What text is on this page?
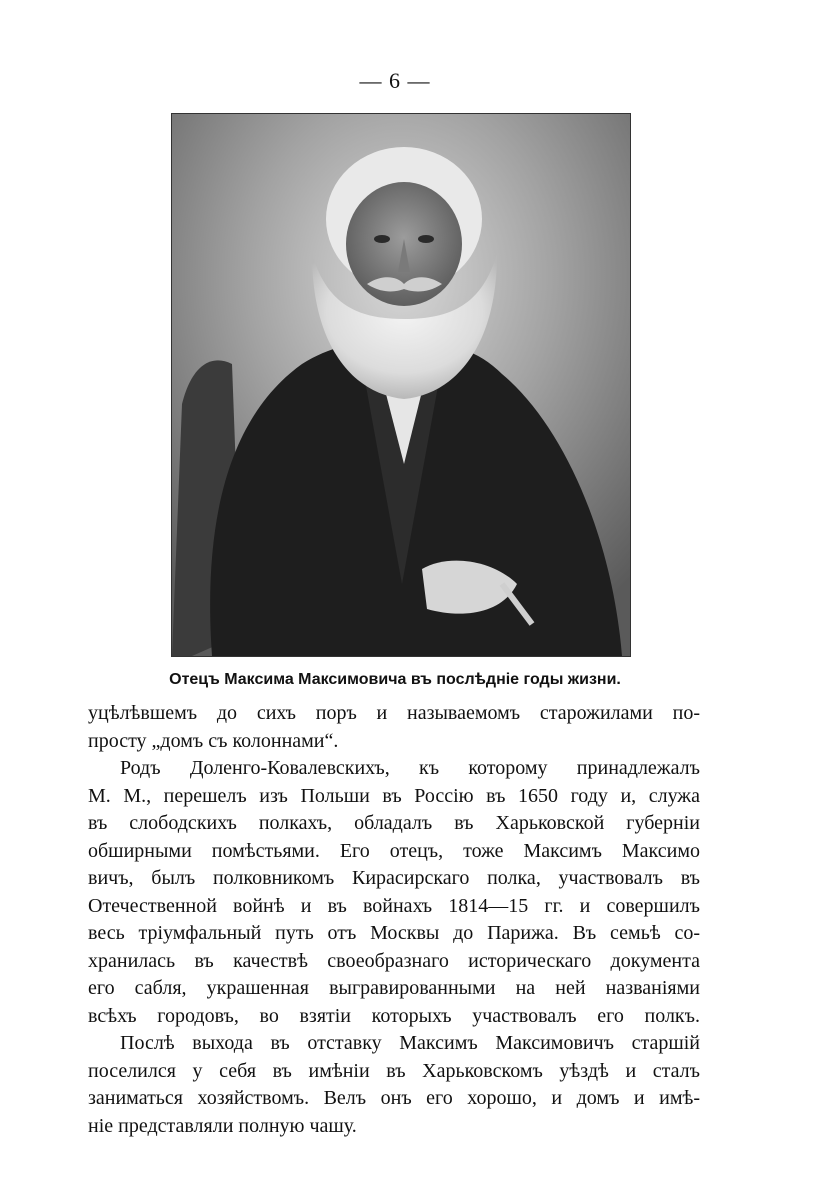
— 6 —
Отецъ Максима Максимовича въ послѣдніе годы жизни.
уцѣлѣвшемъ до сихъ поръ и называемомъ старожилами по-
просту „домъ съ колоннами“.
Родъ Доленго-Ковалевскихъ, къ которому принадлежалъ
М. М., перешелъ изъ Польши въ Россію въ 1650 году и, служа
въ слободскихъ полкахъ, обладалъ въ Харьковской губерніи
обширными помѣстьями. Его отецъ, тоже Максимъ Максимо
вичъ, былъ полковникомъ Кирасирскаго полка, участвовалъ въ
Отечественной войнѣ и въ войнахъ 1814—15 гг. и совершилъ
весь тріумфальный путь отъ Москвы до Парижа. Въ семьѣ со-
хранилась въ качествѣ своеобразнаго историческаго документа
его сабля, украшенная выгравированными на ней названіями
всѣхъ городовъ, во взятіи которыхъ участвовалъ его полкъ.
Послѣ выхода въ отставку Максимъ Максимовичъ старшій
поселился у себя въ имѣніи въ Харьковскомъ уѣздѣ и сталъ
заниматься хозяйствомъ. Велъ онъ его хорошо, и домъ и имѣ-
ніе представляли полную чашу.
